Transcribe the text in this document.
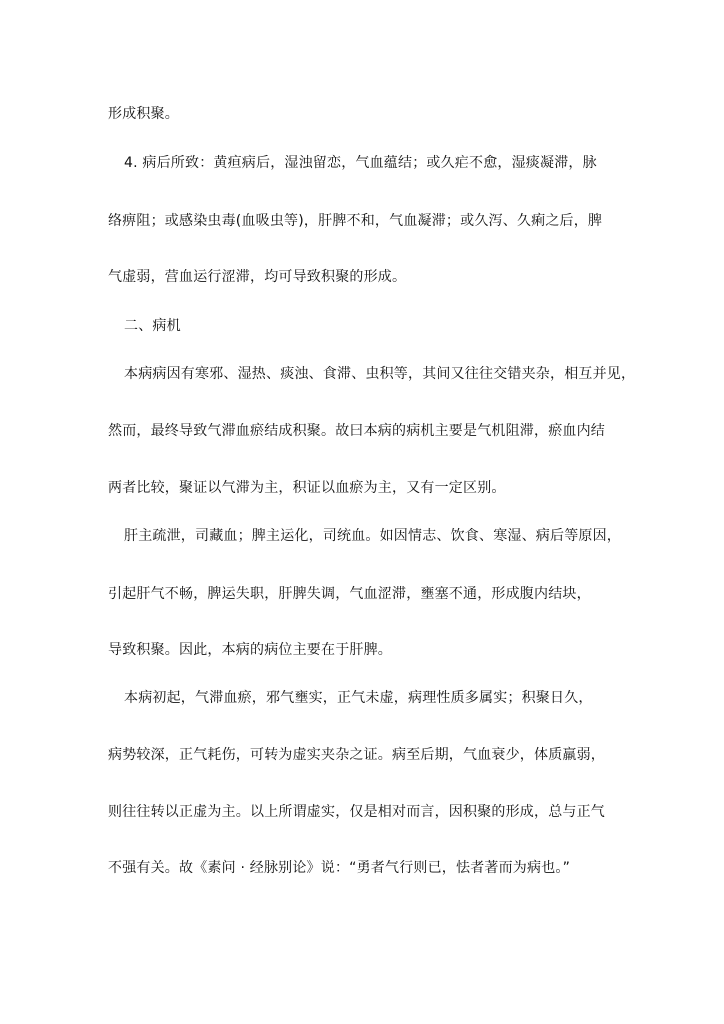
形成积聚。
4. 病后所致：黄疸病后，湿浊留恋，气血蕴结；或久疟不愈，湿痰凝滞，脉
络痹阻；或感染虫毒(血吸虫等)，肝脾不和，气血凝滞；或久泻、久痢之后，脾
气虚弱，营血运行涩滞，均可导致积聚的形成。
二、病机
本病病因有寒邪、湿热、痰浊、食滞、虫积等，其间又往往交错夹杂，相互并见，
然而，最终导致气滞血瘀结成积聚。故曰本病的病机主要是气机阻滞，瘀血内结
两者比较，聚证以气滞为主，积证以血瘀为主，又有一定区别。
肝主疏泄，司藏血；脾主运化，司统血。如因情志、饮食、寒湿、病后等原因，
引起肝气不畅，脾运失职，肝脾失调，气血涩滞，壅塞不通，形成腹内结块，
导致积聚。因此，本病的病位主要在于肝脾。
本病初起，气滞血瘀，邪气壅实，正气未虚，病理性质多属实；积聚日久，
病势较深，正气耗伤，可转为虚实夹杂之证。病至后期，气血衰少，体质羸弱，
则往往转以正虚为主。以上所谓虚实，仅是相对而言，因积聚的形成，总与正气
不强有关。故《素问 · 经脉别论》说：“勇者气行则已，怯者著而为病也。”
